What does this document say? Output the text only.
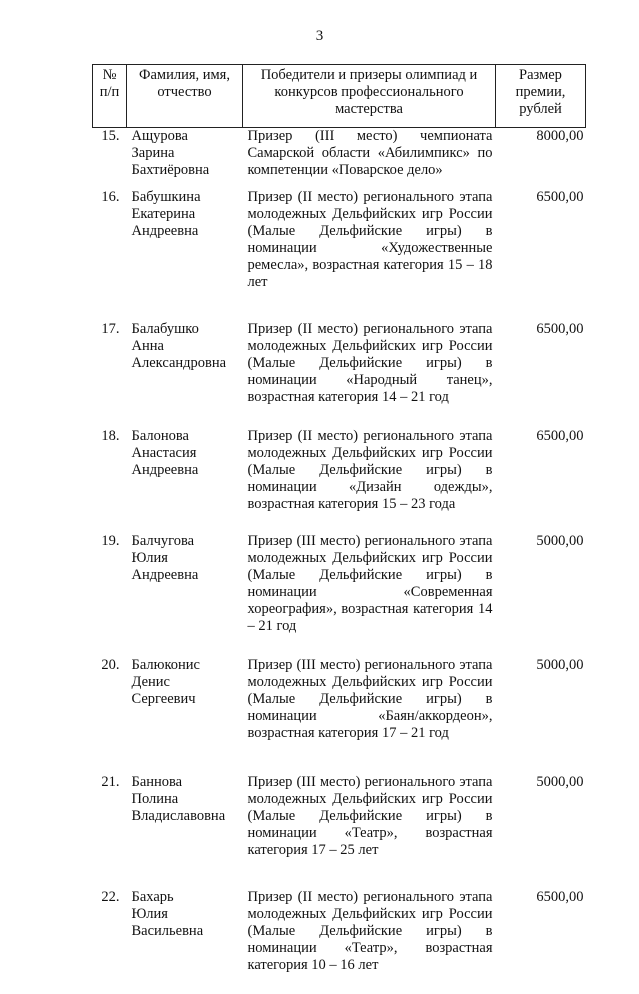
3
№ п/п	Фамилия, имя, отчество	Победители и призеры олимпиад и конкурсов профессионального мастерства	Размер премии, рублей
15.	Ащурова
Зарина
Бахтиёровна	Призер (III место) чемпионата Самарской области «Абилимпикс» по компетенции «Поварское дело»	8000,00
16.	Бабушкина
Екатерина
Андреевна	Призер (II место) регионального этапа молодежных Дельфийских игр России (Малые Дельфийские игры) в номинации «Художественные ремесла», возрастная категория 15 – 18 лет	6500,00
17.	Балабушко
Анна
Александровна	Призер (II место) регионального этапа молодежных Дельфийских игр России (Малые Дельфийские игры) в номинации «Народный танец», возрастная категория 14 – 21 год	6500,00
18.	Балонова
Анастасия
Андреевна	Призер (II место) регионального этапа молодежных Дельфийских игр России (Малые Дельфийские игры) в номинации «Дизайн одежды», возрастная категория 15 – 23 года	6500,00
19.	Балчугова
Юлия
Андреевна	Призер (III место) регионального этапа молодежных Дельфийских игр России (Малые Дельфийские игры) в номинации «Современная хореография», возрастная категория 14 – 21 год	5000,00
20.	Балюконис
Денис
Сергеевич	Призер (III место) регионального этапа молодежных Дельфийских игр России (Малые Дельфийские игры) в номинации «Баян/аккордеон», возрастная категория 17 – 21 год	5000,00
21.	Баннова
Полина
Владиславовна	Призер (III место) регионального этапа молодежных Дельфийских игр России (Малые Дельфийские игры) в номинации «Театр», возрастная категория 17 – 25 лет	5000,00
22.	Бахарь
Юлия
Васильевна	Призер (II место) регионального этапа молодежных Дельфийских игр России (Малые Дельфийские игры) в номинации «Театр», возрастная категория 10 – 16 лет	6500,00
